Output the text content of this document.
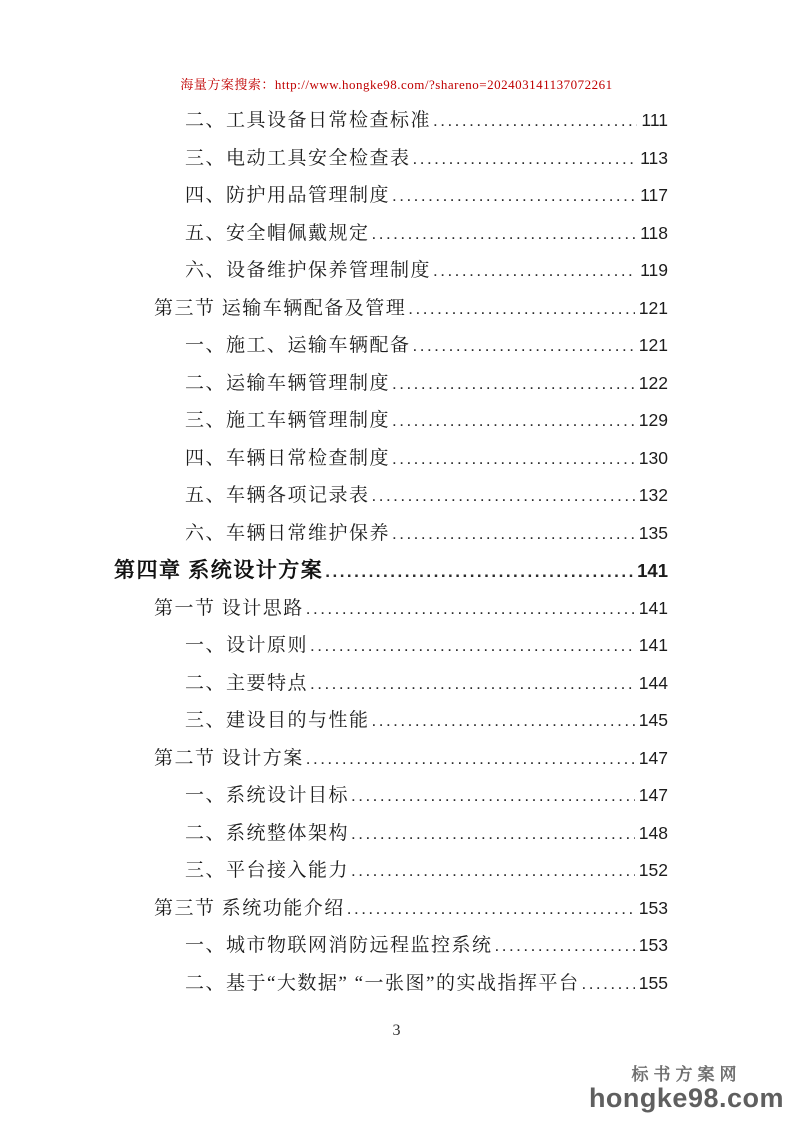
海量方案搜索：http://www.hongke98.com/?shareno=202403141137072261
二、工具设备日常检查标准 .....	111
三、电动工具安全检查表 .....	113
四、防护用品管理制度 .....	117
五、安全帽佩戴规定 .....	118
六、设备维护保养管理制度 .....	119
第三节 运输车辆配备及管理 .....	121
一、施工、运输车辆配备 .....	121
二、运输车辆管理制度 .....	122
三、施工车辆管理制度 .....	129
四、车辆日常检查制度 .....	130
五、车辆各项记录表 .....	132
六、车辆日常维护保养 .....	135
第四章 系统设计方案 .....	141
第一节 设计思路 .....	141
一、设计原则 .....	141
二、主要特点 .....	144
三、建设目的与性能 .....	145
第二节 设计方案 .....	147
一、系统设计目标 .....	147
二、系统整体架构 .....	148
三、平台接入能力 .....	152
第三节 系统功能介绍 .....	153
一、城市物联网消防远程监控系统 .....	153
二、基于“大数据” “一张图”的实战指挥平台 .....	155
3
标书方案网
hongke98.com
